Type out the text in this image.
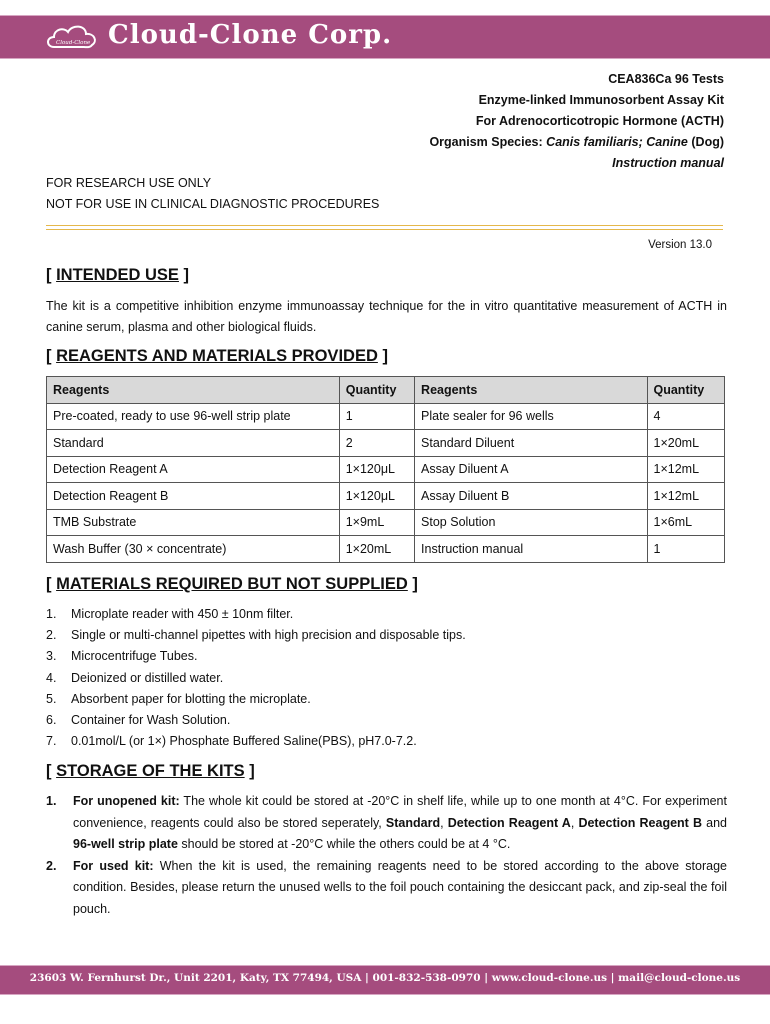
Cloud-Clone Cloud-Clone Corp.
CEA836Ca 96 Tests
Enzyme-linked Immunosorbent Assay Kit
For Adrenocorticotropic Hormone (ACTH)
Organism Species: Canis familiaris; Canine (Dog)
Instruction manual
FOR RESEARCH USE ONLY
NOT FOR USE IN CLINICAL DIAGNOSTIC PROCEDURES
Version 13.0
[ INTENDED USE ]
The kit is a competitive inhibition enzyme immunoassay technique for the in vitro quantitative measurement of ACTH in canine serum, plasma and other biological fluids.
[ REAGENTS AND MATERIALS PROVIDED ]
Reagents	Quantity	Reagents	Quantity
Pre-coated, ready to use 96-well strip plate	1	Plate sealer for 96 wells	4
Standard	2	Standard Diluent	1×20mL
Detection Reagent A	1×120μL	Assay Diluent A	1×12mL
Detection Reagent B	1×120μL	Assay Diluent B	1×12mL
TMB Substrate	1×9mL	Stop Solution	1×6mL
Wash Buffer (30 × concentrate)	1×20mL	Instruction manual	1
[ MATERIALS REQUIRED BUT NOT SUPPLIED ]
1. Microplate reader with 450 ± 10nm filter.
2. Single or multi-channel pipettes with high precision and disposable tips.
3. Microcentrifuge Tubes.
4. Deionized or distilled water.
5. Absorbent paper for blotting the microplate.
6. Container for Wash Solution.
7. 0.01mol/L (or 1×) Phosphate Buffered Saline(PBS), pH7.0-7.2.
[ STORAGE OF THE KITS ]
1. For unopened kit: The whole kit could be stored at -20°C in shelf life, while up to one month at 4°C. For experiment convenience, reagents could also be stored seperately, Standard, Detection Reagent A, Detection Reagent B and 96-well strip plate should be stored at -20°C while the others could be at 4 °C.
2. For used kit: When the kit is used, the remaining reagents need to be stored according to the above storage condition. Besides, please return the unused wells to the foil pouch containing the desiccant pack, and zip-seal the foil pouch.
23603 W. Fernhurst Dr., Unit 2201, Katy, TX 77494, USA | 001-832-538-0970 | www.cloud-clone.us | mail@cloud-clone.us
